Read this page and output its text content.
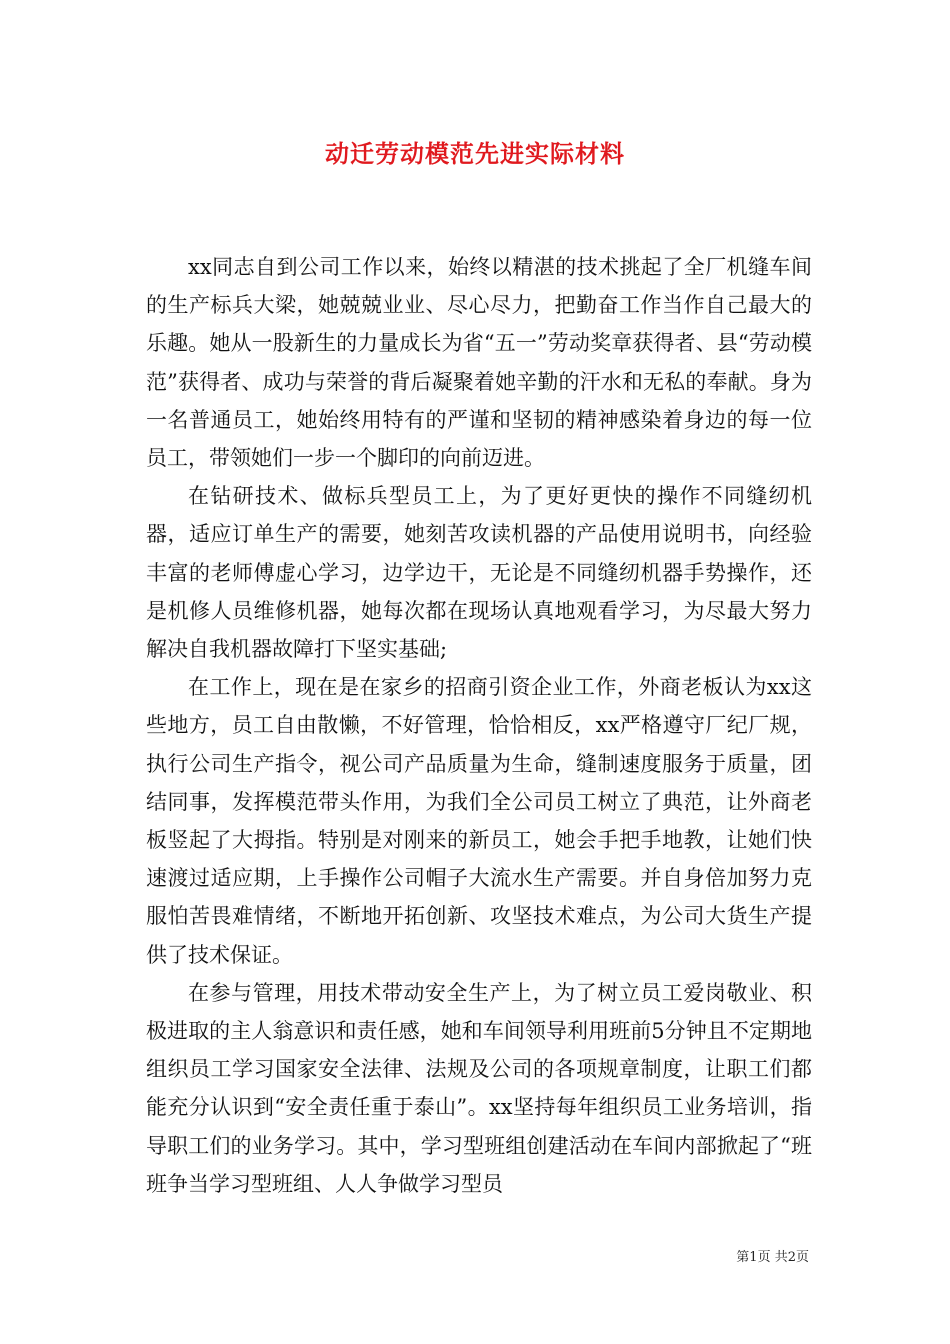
动迁劳动模范先进实际材料

xx同志自到公司工作以来，始终以精湛的技术挑起了全厂机缝车间的生产标兵大梁，她兢兢业业、尽心尽力，把勤奋工作当作自己最大的乐趣。她从一股新生的力量成长为省“五一”劳动奖章获得者、县“劳动模范”获得者、成功与荣誉的背后凝聚着她辛勤的汗水和无私的奉献。身为一名普通员工，她始终用特有的严谨和坚韧的精神感染着身边的每一位员工，带领她们一步一个脚印的向前迈进。

在钻研技术、做标兵型员工上，为了更好更快的操作不同缝纫机器，适应订单生产的需要，她刻苦攻读机器的产品使用说明书，向经验丰富的老师傅虚心学习，边学边干，无论是不同缝纫机器手势操作，还是机修人员维修机器，她每次都在现场认真地观看学习，为尽最大努力解决自我机器故障打下坚实基础;

在工作上，现在是在家乡的招商引资企业工作，外商老板认为xx这些地方，员工自由散懒，不好管理，恰恰相反，xx严格遵守厂纪厂规，执行公司生产指令，视公司产品质量为生命，缝制速度服务于质量，团结同事，发挥模范带头作用，为我们全公司员工树立了典范，让外商老板竖起了大拇指。特别是对刚来的新员工，她会手把手地教，让她们快速渡过适应期，上手操作公司帽子大流水生产需要。并自身倍加努力克服怕苦畏难情绪，不断地开拓创新、攻坚技术难点，为公司大货生产提供了技术保证。

在参与管理，用技术带动安全生产上，为了树立员工爱岗敬业、积极进取的主人翁意识和责任感，她和车间领导利用班前5分钟且不定期地组织员工学习国家安全法律、法规及公司的各项规章制度，让职工们都能充分认识到“安全责任重于泰山”。xx坚持每年组织员工业务培训，指导职工们的业务学习。其中，学习型班组创建活动在车间内部掀起了“班班争当学习型班组、人人争做学习型员

第1页 共2页
